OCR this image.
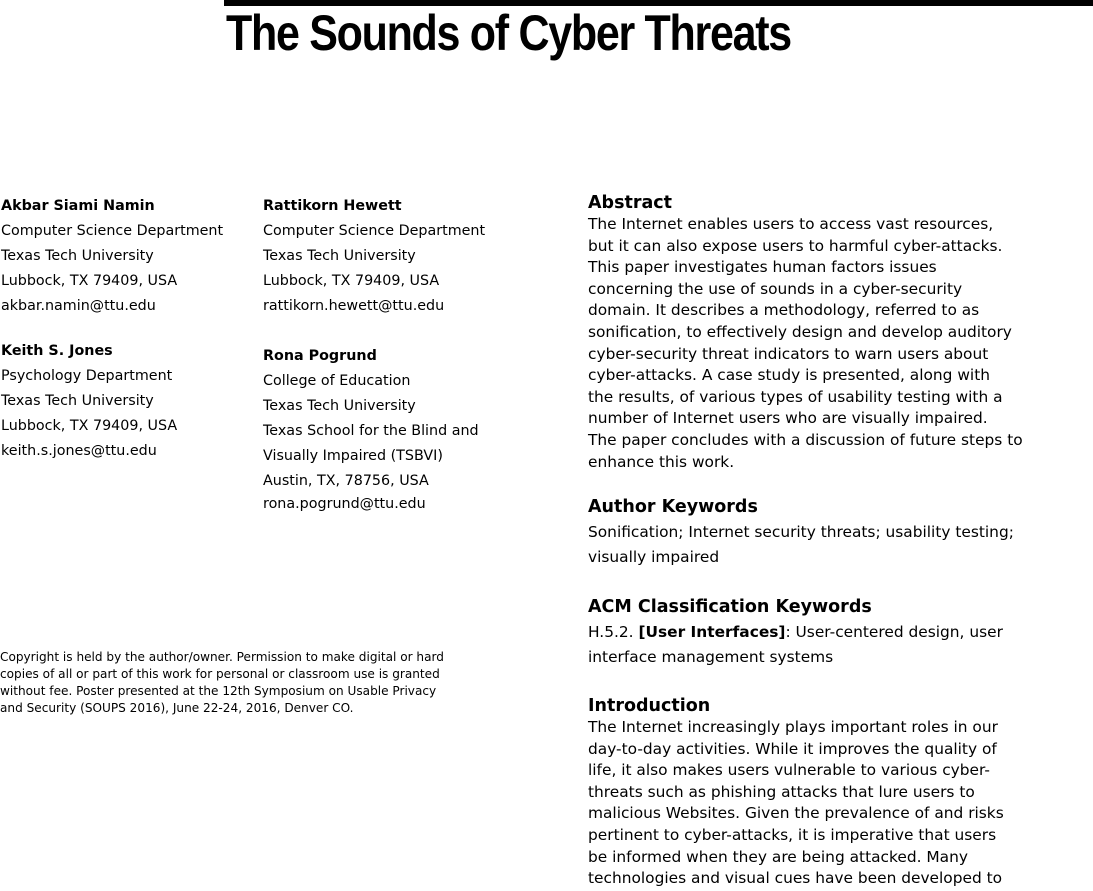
The Sounds of Cyber Threats
Akbar Siami Namin
Computer Science Department
Texas Tech University
Lubbock, TX 79409, USA
akbar.namin@ttu.edu
Keith S. Jones
Psychology Department
Texas Tech University
Lubbock, TX 79409, USA
keith.s.jones@ttu.edu
Rattikorn Hewett
Computer Science Department
Texas Tech University
Lubbock, TX 79409, USA
rattikorn.hewett@ttu.edu
Rona Pogrund
College of Education
Texas Tech University
Texas School for the Blind and
Visually Impaired (TSBVI)
Austin, TX, 78756, USA
rona.pogrund@ttu.edu
Copyright is held by the author/owner. Permission to make digital or hard
copies of all or part of this work for personal or classroom use is granted
without fee. Poster presented at the 12th Symposium on Usable Privacy
and Security (SOUPS 2016), June 22-24, 2016, Denver CO.
Abstract
The Internet enables users to access vast resources,
but it can also expose users to harmful cyber-attacks.
This paper investigates human factors issues
concerning the use of sounds in a cyber-security
domain. It describes a methodology, referred to as
sonification, to effectively design and develop auditory
cyber-security threat indicators to warn users about
cyber-attacks. A case study is presented, along with
the results, of various types of usability testing with a
number of Internet users who are visually impaired.
The paper concludes with a discussion of future steps to
enhance this work.
Author Keywords
Sonification; Internet security threats; usability testing;
visually impaired
ACM Classification Keywords
H.5.2. [User Interfaces]: User-centered design, user
interface management systems
Introduction
The Internet increasingly plays important roles in our
day-to-day activities. While it improves the quality of
life, it also makes users vulnerable to various cyber-
threats such as phishing attacks that lure users to
malicious Websites. Given the prevalence of and risks
pertinent to cyber-attacks, it is imperative that users
be informed when they are being attacked. Many
technologies and visual cues have been developed to
